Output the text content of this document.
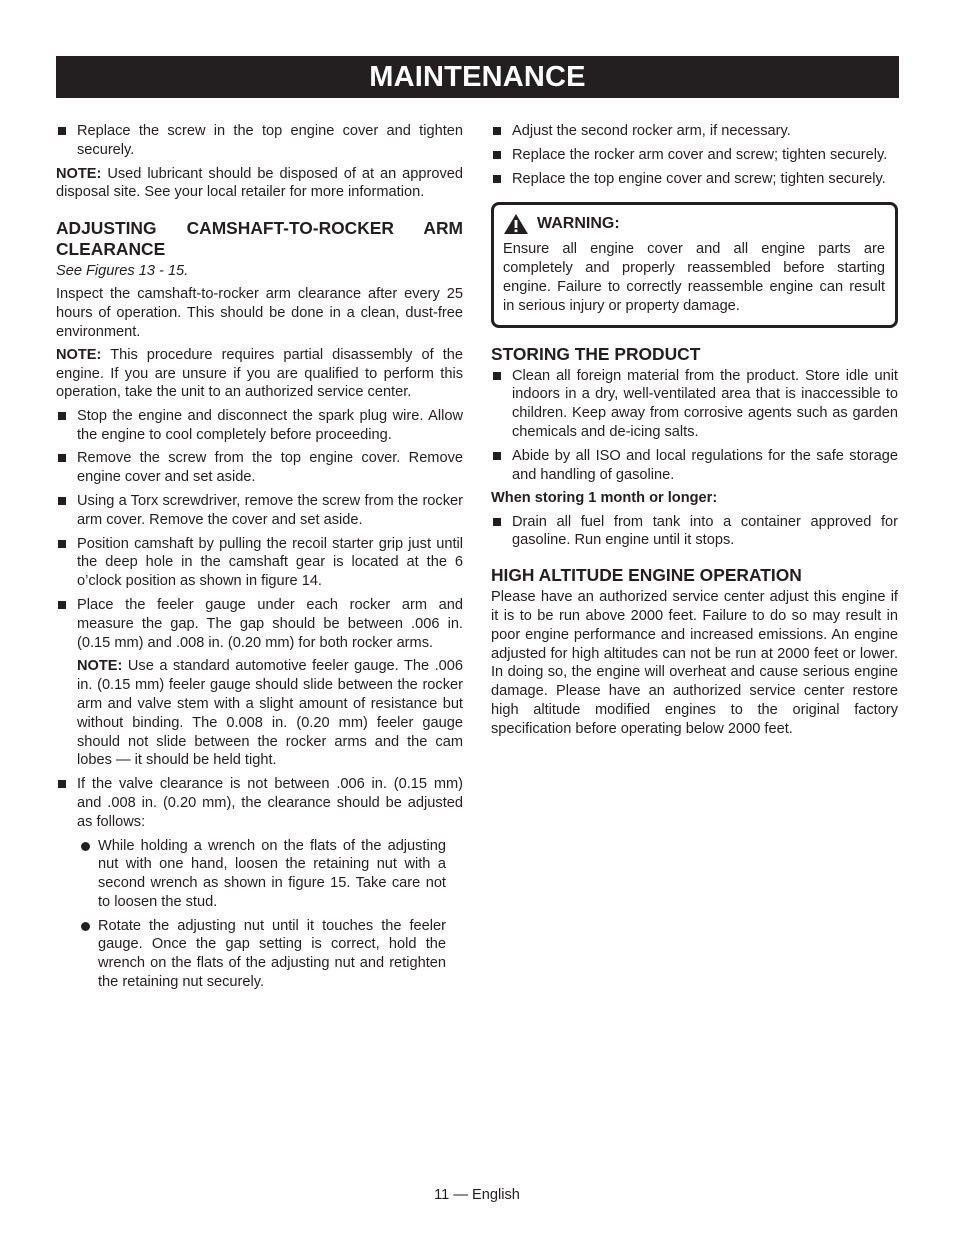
MAINTENANCE
Replace the screw in the top engine cover and tighten securely.

NOTE: Used lubricant should be disposed of at an approved disposal site. See your local retailer for more information.

ADJUSTING CAMSHAFT-TO-ROCKER ARM CLEARANCE

See Figures 13 - 15.

Inspect the camshaft-to-rocker arm clearance after every 25 hours of operation. This should be done in a clean, dust-free environment.

NOTE: This procedure requires partial disassembly of the engine. If you are unsure if you are qualified to perform this operation, take the unit to an authorized service center.

Stop the engine and disconnect the spark plug wire. Allow the engine to cool completely before proceeding.
Remove the screw from the top engine cover. Remove engine cover and set aside.
Using a Torx screwdriver, remove the screw from the rocker arm cover. Remove the cover and set aside.
Position camshaft by pulling the recoil starter grip just until the deep hole in the camshaft gear is located at the 6 o’clock position as shown in figure 14.
Place the feeler gauge under each rocker arm and measure the gap. The gap should be between .006 in. (0.15 mm) and .008 in. (0.20 mm) for both rocker arms.

NOTE: Use a standard automotive feeler gauge. The .006 in. (0.15 mm) feeler gauge should slide between the rocker arm and valve stem with a slight amount of resistance but without binding. The 0.008 in. (0.20 mm) feeler gauge should not slide between the rocker arms and the cam lobes — it should be held tight.

If the valve clearance is not between .006 in. (0.15 mm) and .008 in. (0.20 mm), the clearance should be adjusted as follows:
While holding a wrench on the flats of the adjusting nut with one hand, loosen the retaining nut with a second wrench as shown in figure 15. Take care not to loosen the stud.
Rotate the adjusting nut until it touches the feeler gauge. Once the gap setting is correct, hold the wrench on the flats of the adjusting nut and retighten the retaining nut securely.
Adjust the second rocker arm, if necessary.
Replace the rocker arm cover and screw; tighten securely.
Replace the top engine cover and screw; tighten securely.
WARNING:
Ensure all engine cover and all engine parts are completely and properly reassembled before starting engine. Failure to correctly reassemble engine can result in serious injury or property damage.
STORING THE PRODUCT
Clean all foreign material from the product. Store idle unit indoors in a dry, well-ventilated area that is inaccessible to children. Keep away from corrosive agents such as garden chemicals and de-icing salts.
Abide by all ISO and local regulations for the safe storage and handling of gasoline.

When storing 1 month or longer:

Drain all fuel from tank into a container approved for gasoline. Run engine until it stops.
HIGH ALTITUDE ENGINE OPERATION

Please have an authorized service center adjust this engine if it is to be run above 2000 feet. Failure to do so may result in poor engine performance and increased emissions. An engine adjusted for high altitudes can not be run at 2000 feet or lower. In doing so, the engine will overheat and cause serious engine damage. Please have an authorized service center restore high altitude modified engines to the original factory specification before operating below 2000 feet.

11 — English
